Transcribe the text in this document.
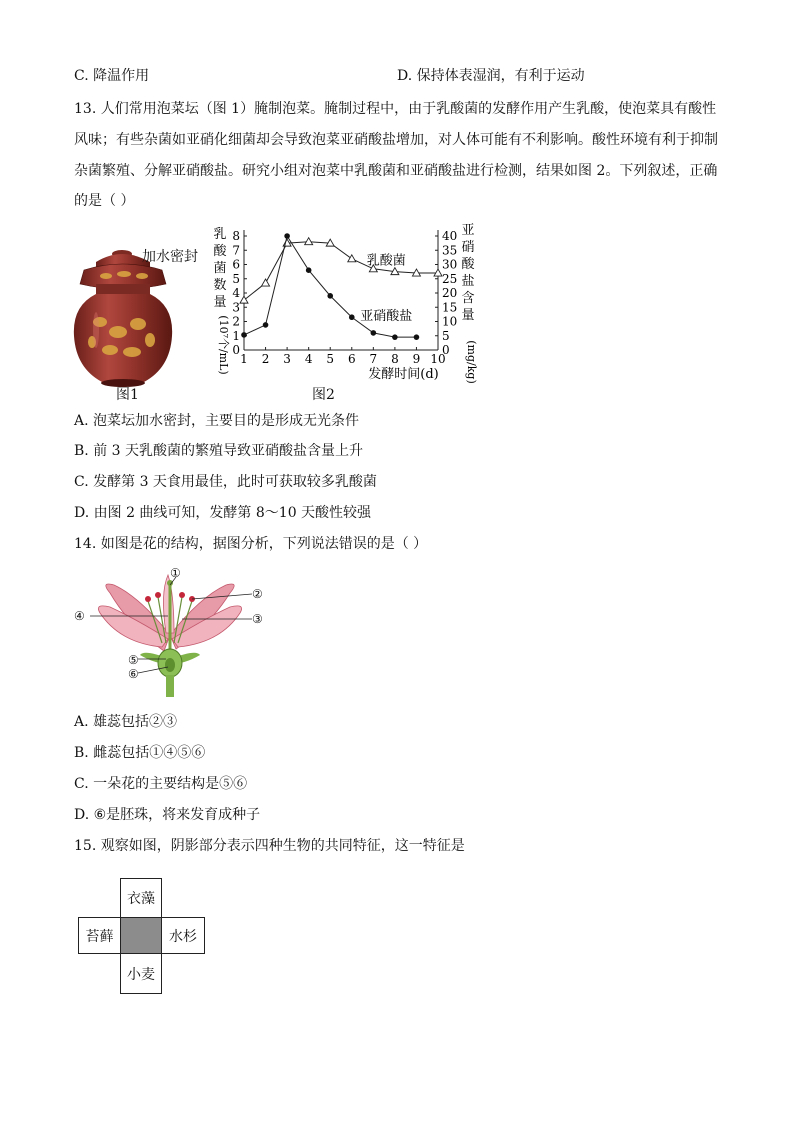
C. 降温作用	D. 保持体表湿润，有利于运动
13. 人们常用泡菜坛（图 1）腌制泡菜。腌制过程中，由于乳酸菌的发酵作用产生乳酸，使泡菜具有酸性
风味；有些杂菌如亚硝化细菌却会导致泡菜亚硝酸盐增加，对人体可能有不利影响。酸性环境有利于抑制
杂菌繁殖、分解亚硝酸盐。研究小组对泡菜中乳酸菌和亚硝酸盐进行检测，结果如图 2。下列叙述，正确
的是（ ）
加水密封
图1
1 2 3 4 5 6 7 8 9 10
0
1
2
3
4
5
6
7
8
0
5
10
15
20
25
30
35
40
乳酸菌
亚硝酸盐
发酵时间(d)
乳
酸
菌
数
量
(10⁷个/mL)
亚
硝
酸
盐
含
量
(mg/kg)
图2
A. 泡菜坛加水密封，主要目的是形成无光条件
B. 前 3 天乳酸菌的繁殖导致亚硝酸盐含量上升
C. 发酵第 3 天食用最佳，此时可获取较多乳酸菌
D. 由图 2 曲线可知，发酵第 8～10 天酸性较强
14. 如图是花的结构，据图分析，下列说法错误的是（ ）
①
②
③
④
⑤
⑥
A. 雄蕊包括②③
B. 雌蕊包括①④⑤⑥
C. 一朵花的主要结构是⑤⑥
D. ⑥是胚珠，将来发育成种子
15. 观察如图，阴影部分表示四种生物的共同特征，这一特征是
衣藻
苔藓	水杉
小麦
